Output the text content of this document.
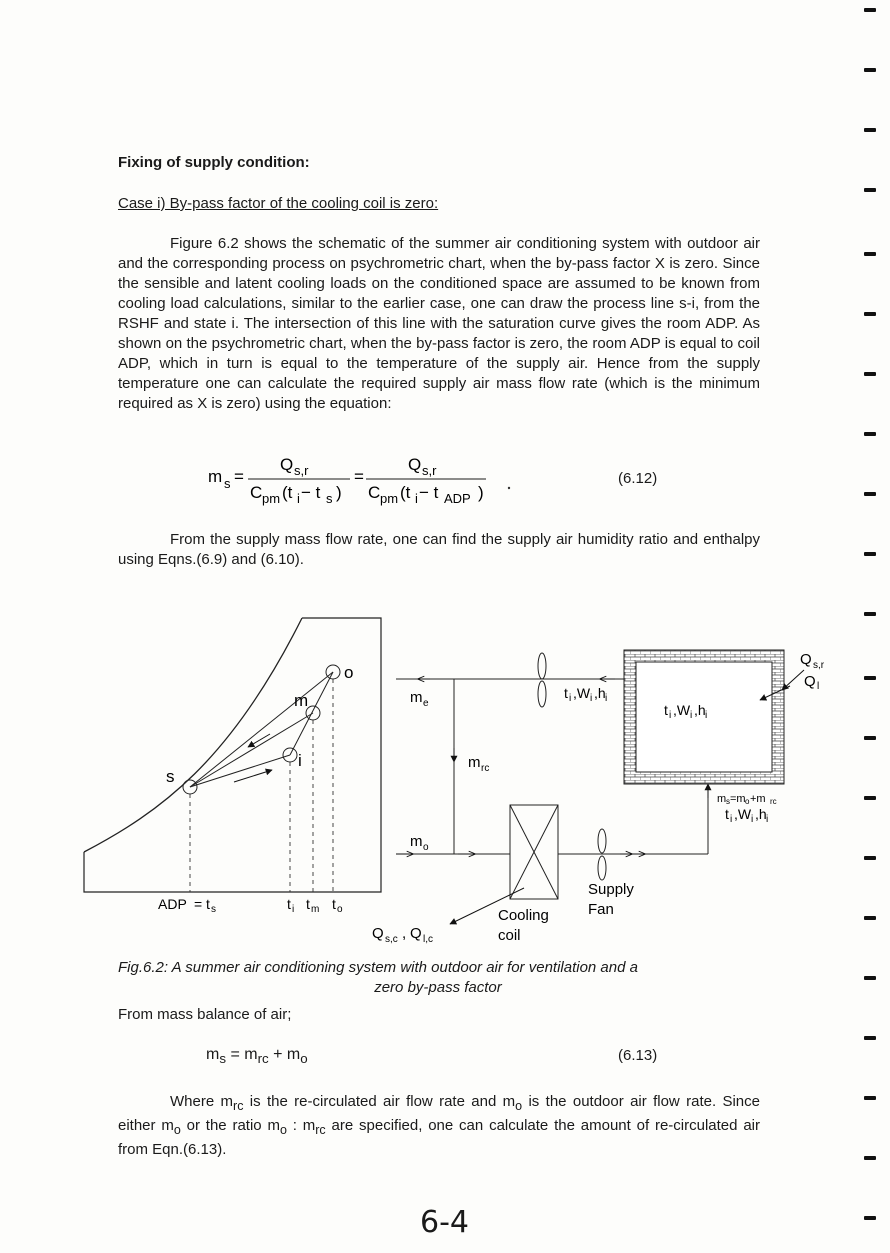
Fixing of supply condition:
Case i) By-pass factor of the cooling coil is zero:
Figure 6.2 shows the schematic of the summer air conditioning system with outdoor air and the corresponding process on psychrometric chart, when the by-pass factor X is zero. Since the sensible and latent cooling loads on the conditioned space are assumed to be known from cooling load calculations, similar to the earlier case, one can draw the process line s-i, from the RSHF and state i. The intersection of this line with the saturation curve gives the room ADP. As shown on the psychrometric chart, when the by-pass factor is zero, the room ADP is equal to coil ADP, which in turn is equal to the temperature of the supply air. Hence from the supply temperature one can calculate the required supply air mass flow rate (which is the minimum required as X is zero) using the equation:
m s =
Q s,r
C pm (t i − t s )
=
Q s,r
C pm (t i − t ADP )
(6.12)
From the supply mass flow rate, one can find the supply air humidity ratio and enthalpy using Eqns.(6.9) and (6.10).
o
m
i
s
ADP = t s	t i t m t o
m e
m rc
m o
t i ,W i ,h i
t i ,W i ,h i
Q s,r
Q l
m s =m o +m rc
t i ,W i ,h i
Cooling
coil
Supply
Fan
Q s,c , Q l,c
Fig.6.2: A summer air conditioning system with outdoor air for ventilation and a
zero by-pass factor
From mass balance of air;
$m_s = m_{rc} + m_o$	(6.13)
Where $m_{rc}$ is the re-circulated air flow rate and $m_o$ is the outdoor air flow rate. Since either $m_o$ or the ratio $m_o$ : $m_{rc}$ are specified, one can calculate the amount of re-circulated air from Eqn.(6.13).
6-4
